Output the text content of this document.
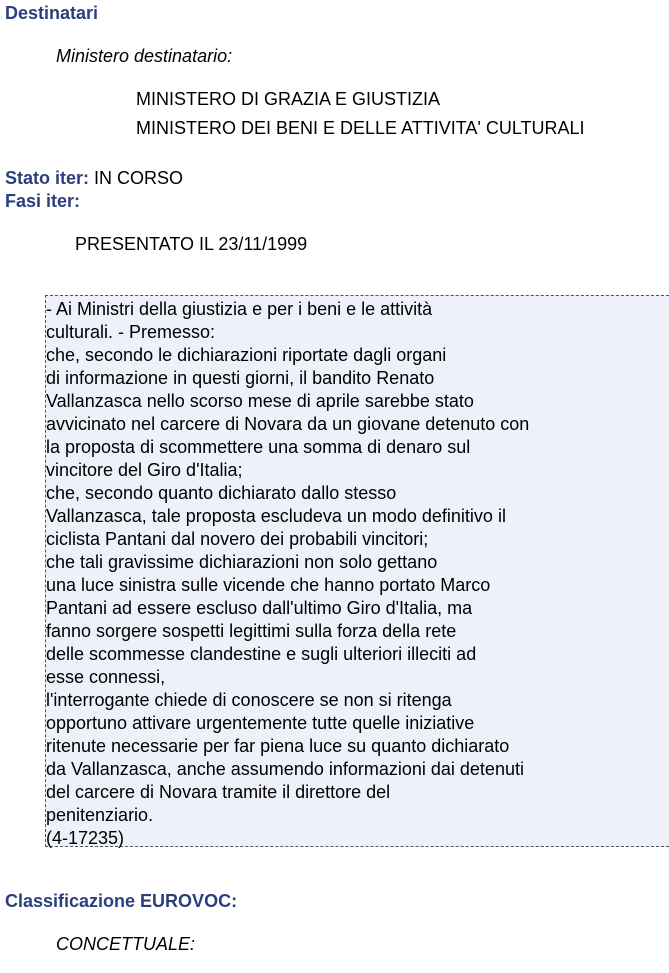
Destinatari
Ministero destinatario:
MINISTERO DI GRAZIA E GIUSTIZIA
MINISTERO DEI BENI E DELLE ATTIVITA' CULTURALI
Stato iter: IN CORSO
Fasi iter:
PRESENTATO IL 23/11/1999
- Ai Ministri della giustizia e per i beni e le attività
culturali. - Premesso:
che, secondo le dichiarazioni riportate dagli organi
di informazione in questi giorni, il bandito Renato
Vallanzasca nello scorso mese di aprile sarebbe stato
avvicinato nel carcere di Novara da un giovane detenuto con
la proposta di scommettere una somma di denaro sul
vincitore del Giro d'Italia;
che, secondo quanto dichiarato dallo stesso
Vallanzasca, tale proposta escludeva un modo definitivo il
ciclista Pantani dal novero dei probabili vincitori;
che tali gravissime dichiarazioni non solo gettano
una luce sinistra sulle vicende che hanno portato Marco
Pantani ad essere escluso dall'ultimo Giro d'Italia, ma
fanno sorgere sospetti legittimi sulla forza della rete
delle scommesse clandestine e sugli ulteriori illeciti ad
esse connessi,
l'interrogante chiede di conoscere se non si ritenga
opportuno attivare urgentemente tutte quelle iniziative
ritenute necessarie per far piena luce su quanto dichiarato
da Vallanzasca, anche assumendo informazioni dai detenuti
del carcere di Novara tramite il direttore del
penitenziario.
(4-17235)
Classificazione EUROVOC:
CONCETTUALE:
